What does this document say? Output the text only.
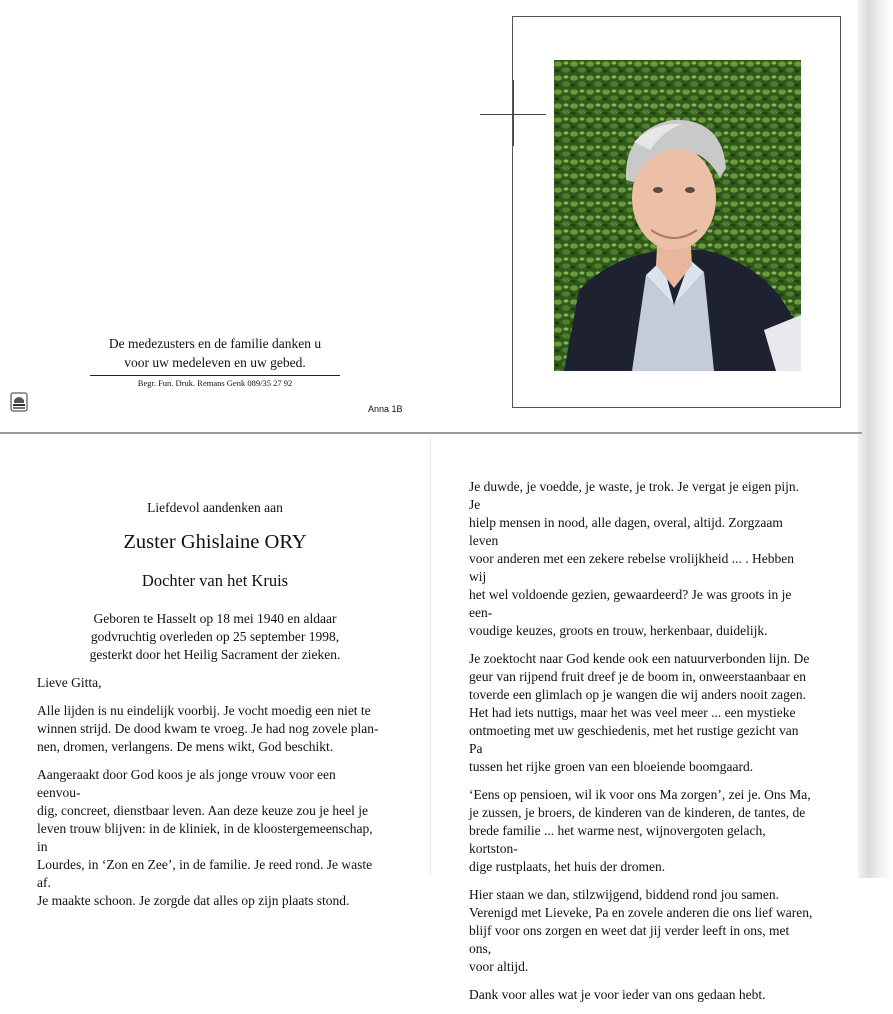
De medezusters en de familie danken u
voor uw medeleven en uw gebed.
Begr. Fun. Druk. Remans Genk 089/35 27 92
Anna 1B
Liefdevol aandenken aan
Zuster Ghislaine ORY
Dochter van het Kruis
Geboren te Hasselt op 18 mei 1940 en aldaar
godvruchtig overleden op 25 september 1998,
gesterkt door het Heilig Sacrament der zieken.
Lieve Gitta,
Alle lijden is nu eindelijk voorbij. Je vocht moedig een niet te
winnen strijd. De dood kwam te vroeg. Je had nog zovele plan-
nen, dromen, verlangens. De mens wikt, God beschikt.
Aangeraakt door God koos je als jonge vrouw voor een eenvou-
dig, concreet, dienstbaar leven. Aan deze keuze zou je heel je
leven trouw blijven: in de kliniek, in de kloostergemeenschap, in
Lourdes, in ‘Zon en Zee’, in de familie. Je reed rond. Je waste af.
Je maakte schoon. Je zorgde dat alles op zijn plaats stond.
Je duwde, je voedde, je waste, je trok. Je vergat je eigen pijn. Je
hielp mensen in nood, alle dagen, overal, altijd. Zorgzaam leven
voor anderen met een zekere rebelse vrolijkheid ... . Hebben wij
het wel voldoende gezien, gewaardeerd? Je was groots in je een-
voudige keuzes, groots en trouw, herkenbaar, duidelijk.
Je zoektocht naar God kende ook een natuurverbonden lijn. De
geur van rijpend fruit dreef je de boom in, onweerstaanbaar en
toverde een glimlach op je wangen die wij anders nooit zagen.
Het had iets nuttigs, maar het was veel meer ... een mystieke
ontmoeting met uw geschiedenis, met het rustige gezicht van Pa
tussen het rijke groen van een bloeiende boomgaard.
‘Eens op pensioen, wil ik voor ons Ma zorgen’, zei je. Ons Ma,
je zussen, je broers, de kinderen van de kinderen, de tantes, de
brede familie ... het warme nest, wijnovergoten gelach, kortston-
dige rustplaats, het huis der dromen.
Hier staan we dan, stilzwijgend, biddend rond jou samen.
Verenigd met Lieveke, Pa en zovele anderen die ons lief waren,
blijf voor ons zorgen en weet dat jij verder leeft in ons, met ons,
voor altijd.
Dank voor alles wat je voor ieder van ons gedaan hebt.
